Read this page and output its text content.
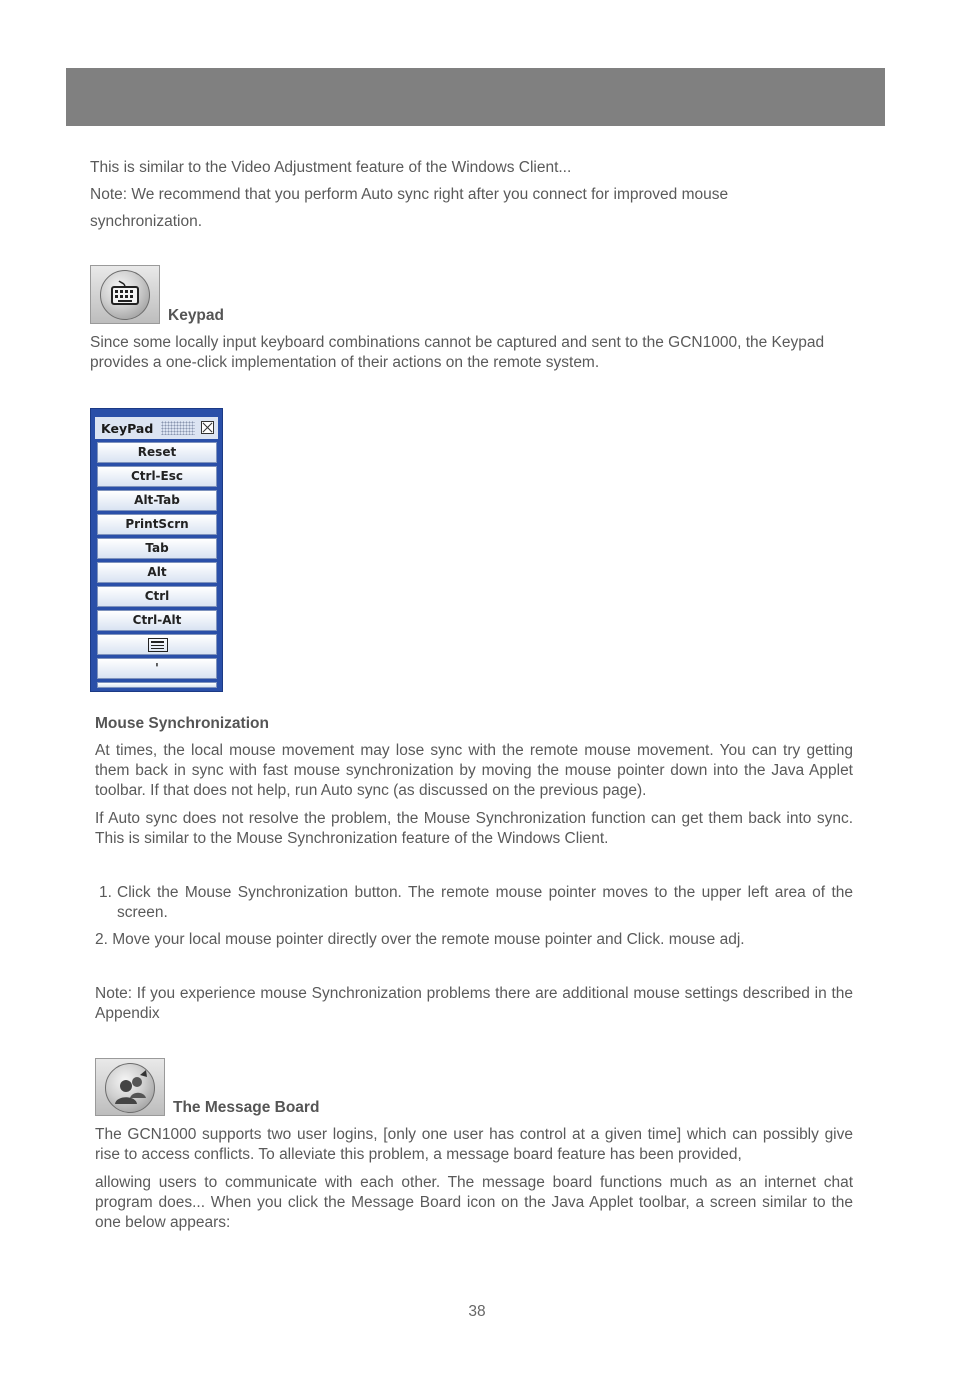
This is similar to the Video Adjustment feature of the Windows Client...

Note: We recommend that you perform Auto sync right after you connect for improved mouse

synchronization.

Keypad

Since some locally input keyboard combinations cannot be captured and sent to the GCN1000, the Keypad provides a one-click implementation of their actions on the remote system.

KeyPad
Reset
Ctrl-Esc
Alt-Tab
PrintScrn
Tab
Alt
Ctrl
Ctrl-Alt
'

Mouse Synchronization

At times, the local mouse movement may lose sync with the remote mouse movement. You can try getting them back in sync with fast mouse synchronization by moving the mouse pointer down into the Java Applet toolbar. If that does not help, run Auto sync (as discussed on the previous page).

If Auto sync does not resolve the problem, the Mouse Synchronization function can get them back into sync. This is similar to the Mouse Synchronization feature of the Windows Client.

1. Click the Mouse Synchronization button. The remote mouse pointer moves to the upper left area of the screen.

2. Move your local mouse pointer directly over the remote mouse pointer and Click. mouse adj.

Note: If you experience mouse Synchronization problems there are additional mouse settings described in the Appendix

The Message Board

The GCN1000 supports two user logins, [only one user has control at a given time] which can possibly give rise to access conflicts. To alleviate this problem, a message board feature has been provided,

allowing users to communicate with each other. The message board functions much as an internet chat program does... When you click the Message Board icon on the Java Applet toolbar, a screen similar to the one below appears:

38
